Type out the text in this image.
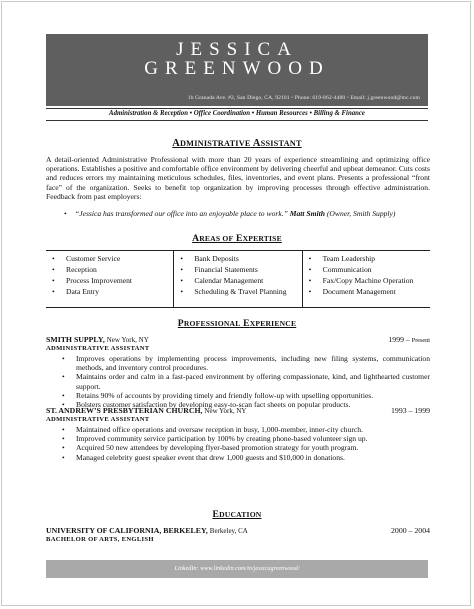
JESSICA
GREENWOOD
1b Granada Ave. #2, San Diego, CA, 92101 • Phone: 619-862-4480 • Email: j.greenwood@mc.com
Administration & Reception • Office Coordination • Human Resources • Billing & Finance
ADMINISTRATIVE ASSISTANT
A detail-oriented Administrative Professional with more than 20 years of experience streamlining and optimizing office operations. Establishes a positive and comfortable office environment by delivering cheerful and upbeat demeanor. Cuts costs and reduces errors my maintaining meticulous schedules, files, inventories, and event plans. Presents a professional “front face” of the organization. Seeks to benefit top organization by improving processes through effective administration. Feedback from past employers:
• “Jessica has transformed our office into an enjoyable place to work.” Matt Smith (Owner, Smith Supply)
AREAS OF EXPERTISE
• Customer Service
• Reception
• Process Improvement
• Data Entry
• Bank Deposits
• Financial Statements
• Calendar Management
• Scheduling & Travel Planning
• Team Leadership
• Communication
• Fax/Copy Machine Operation
• Document Management
PROFESSIONAL EXPERIENCE
SMITH SUPPLY, New York, NY	1999 – Present
ADMINISTRATIVE ASSISTANT
• Improves operations by implementing process improvements, including new filing systems, communication methods, and inventory control procedures.
• Maintains order and calm in a fast-paced environment by offering compassionate, kind, and lighthearted customer support.
• Retains 90% of accounts by providing timely and friendly follow-up with upselling opportunities.
• Bolsters customer satisfaction by developing easy-to-scan fact sheets on popular products.
ST. ANDREW’S PRESBYTERIAN CHURCH, New York, NY	1993 – 1999
ADMINISTRATIVE ASSISTANT
• Maintained office operations and oversaw reception in busy, 1,000-member, inner-city church.
• Improved community service participation by 100% by creating phone-based volunteer sign up.
• Acquired 50 new attendees by developing flyer-based promotion strategy for youth program.
• Managed celebrity guest speaker event that drew 1,000 guests and $10,000 in donations.
EDUCATION
UNIVERSITY OF CALIFORNIA, BERKELEY, Berkeley, CA	2000 – 2004
BACHELOR OF ARTS, ENGLISH
LinkedIn: www.linkedin.com/in/jessicagreenwood/
